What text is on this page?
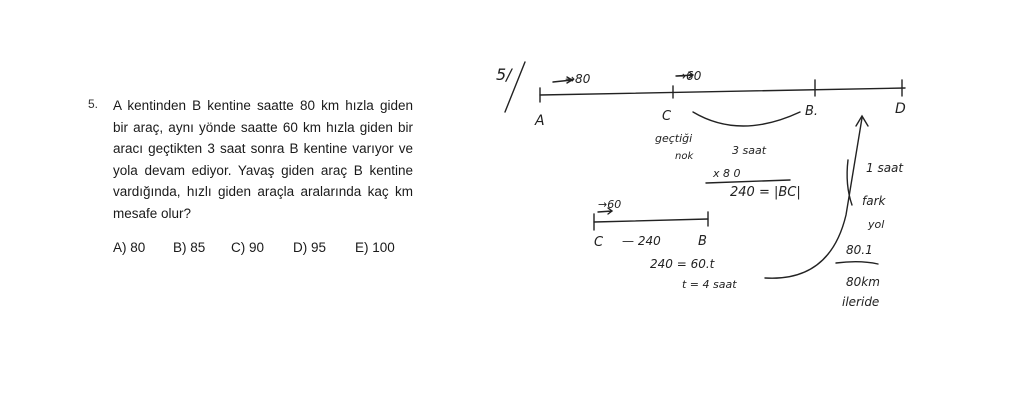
5. A kentinden B kentine saatte 80 km hızla giden
bir araç, aynı yönde saatte 60 km hızla giden bir
aracı geçtikten 3 saat sonra B kentine varıyor ve
yola devam ediyor. Yavaş giden araç B kentine
vardığında, hızlı giden araçla aralarında kaç km
mesafe olur?
A) 80 B) 85 C) 90 D) 95 E) 100
5/	→80	→60
A	C	B.	D
geçtiği
nok	3 saat
x 8 0
240 = |BC|
→60
C — 240	B
240 = 60.t
t = 4 saat
1 saat
fark
yol
80.1
80km
ileride
